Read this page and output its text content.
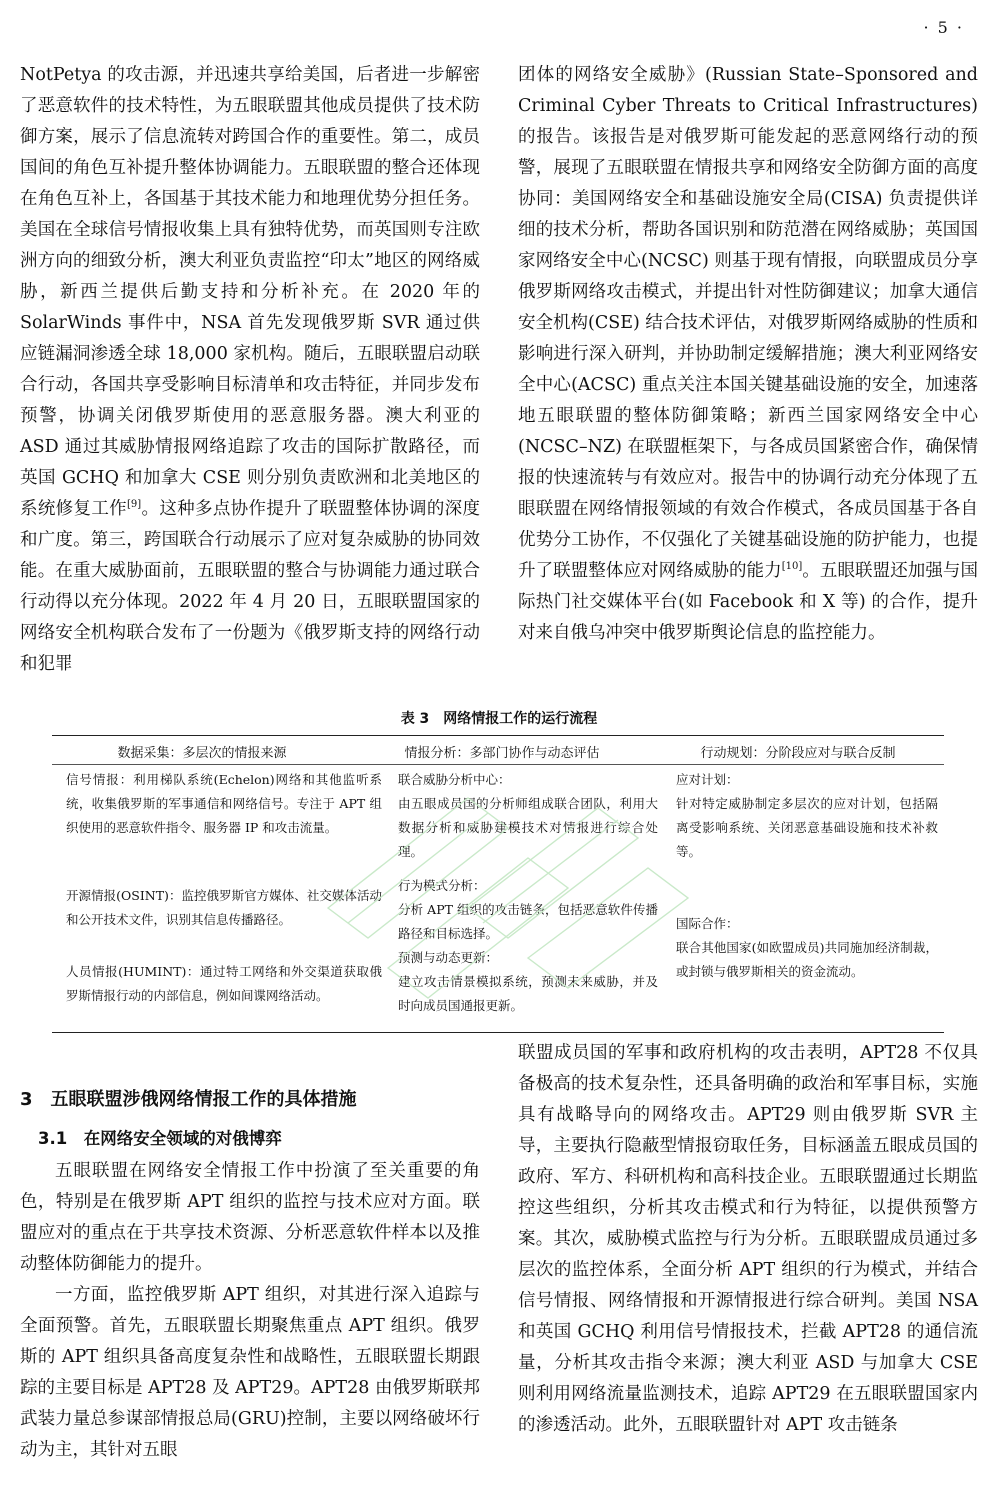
· 5 ·

NotPetya 的攻击源，并迅速共享给美国，后者进一步解密了恶意软件的技术特性，为五眼联盟其他成员提供了技术防御方案，展示了信息流转对跨国合作的重要性。第二，成员国间的角色互补提升整体协调能力。五眼联盟的整合还体现在角色互补上，各国基于其技术能力和地理优势分担任务。美国在全球信号情报收集上具有独特优势，而英国则专注欧洲方向的细致分析，澳大利亚负责监控“印太”地区的网络威胁，新西兰提供后勤支持和分析补充。在 2020 年的 SolarWinds 事件中，NSA 首先发现俄罗斯 SVR 通过供应链漏洞渗透全球 18,000 家机构。随后，五眼联盟启动联合行动，各国共享受影响目标清单和攻击特征，并同步发布预警，协调关闭俄罗斯使用的恶意服务器。澳大利亚的 ASD 通过其威胁情报网络追踪了攻击的国际扩散路径，而英国 GCHQ 和加拿大 CSE 则分别负责欧洲和北美地区的系统修复工作[9]。这种多点协作提升了联盟整体协调的深度和广度。第三，跨国联合行动展示了应对复杂威胁的协同效能。在重大威胁面前，五眼联盟的整合与协调能力通过联合行动得以充分体现。2022 年 4 月 20 日，五眼联盟国家的网络安全机构联合发布了一份题为《俄罗斯支持的网络行动和犯罪

团体的网络安全威胁》(Russian State–Sponsored and Criminal Cyber Threats to Critical Infrastructures) 的报告。该报告是对俄罗斯可能发起的恶意网络行动的预警，展现了五眼联盟在情报共享和网络安全防御方面的高度协同：美国网络安全和基础设施安全局(CISA) 负责提供详细的技术分析，帮助各国识别和防范潜在网络威胁；英国国家网络安全中心(NCSC) 则基于现有情报，向联盟成员分享俄罗斯网络攻击模式，并提出针对性防御建议；加拿大通信安全机构(CSE) 结合技术评估，对俄罗斯网络威胁的性质和影响进行深入研判，并协助制定缓解措施；澳大利亚网络安全中心(ACSC) 重点关注本国关键基础设施的安全，加速落地五眼联盟的整体防御策略；新西兰国家网络安全中心(NCSC–NZ) 在联盟框架下，与各成员国紧密合作，确保情报的快速流转与有效应对。报告中的协调行动充分体现了五眼联盟在网络情报领域的有效合作模式，各成员国基于各自优势分工协作，不仅强化了关键基础设施的防护能力，也提升了联盟整体应对网络威胁的能力[10]。五眼联盟还加强与国际热门社交媒体平台(如 Facebook 和 X 等) 的合作，提升对来自俄乌冲突中俄罗斯舆论信息的监控能力。

表 3　网络情报工作的运行流程
数据采集：多层次的情报来源	情报分析：多部门协作与动态评估	行动规划：分阶段应对与联合反制

信号情报：利用梯队系统(Echelon)网络和其他监听系统，收集俄罗斯的军事通信和网络信号。专注于 APT 组织使用的恶意软件指令、服务器 IP 和攻击流量。

开源情报(OSINT)：监控俄罗斯官方媒体、社交媒体活动和公开技术文件，识别其信息传播路径。

人员情报(HUMINT)：通过特工网络和外交渠道获取俄罗斯情报行动的内部信息，例如间谍网络活动。

联合威胁分析中心：

由五眼成员国的分析师组成联合团队，利用大数据分析和威胁建模技术对情报进行综合处理。

行为模式分析：

分析 APT 组织的攻击链条，包括恶意软件传播路径和目标选择。

预测与动态更新：

建立攻击情景模拟系统，预测未来威胁，并及时向成员国通报更新。

应对计划：

针对特定威胁制定多层次的应对计划，包括隔离受影响系统、关闭恶意基础设施和技术补救等。

国际合作：

联合其他国家(如欧盟成员)共同施加经济制裁，或封锁与俄罗斯相关的资金流动。

3　五眼联盟涉俄网络情报工作的具体措施

3.1　在网络安全领域的对俄博弈

五眼联盟在网络安全情报工作中扮演了至关重要的角色，特别是在俄罗斯 APT 组织的监控与技术应对方面。联盟应对的重点在于共享技术资源、分析恶意软件样本以及推动整体防御能力的提升。

一方面，监控俄罗斯 APT 组织，对其进行深入追踪与全面预警。首先，五眼联盟长期聚焦重点 APT 组织。俄罗斯的 APT 组织具备高度复杂性和战略性，五眼联盟长期跟踪的主要目标是 APT28 及 APT29。APT28 由俄罗斯联邦武装力量总参谋部情报总局(GRU)控制，主要以网络破坏行动为主，其针对五眼

联盟成员国的军事和政府机构的攻击表明，APT28 不仅具备极高的技术复杂性，还具备明确的政治和军事目标，实施具有战略导向的网络攻击。APT29 则由俄罗斯 SVR 主导，主要执行隐蔽型情报窃取任务，目标涵盖五眼成员国的政府、军方、科研机构和高科技企业。五眼联盟通过长期监控这些组织，分析其攻击模式和行为特征，以提供预警方案。其次，威胁模式监控与行为分析。五眼联盟成员通过多层次的监控体系，全面分析 APT 组织的行为模式，并结合信号情报、网络情报和开源情报进行综合研判。美国 NSA 和英国 GCHQ 利用信号情报技术，拦截 APT28 的通信流量，分析其攻击指令来源；澳大利亚 ASD 与加拿大 CSE 则利用网络流量监测技术，追踪 APT29 在五眼联盟国家内的渗透活动。此外，五眼联盟针对 APT 攻击链条
